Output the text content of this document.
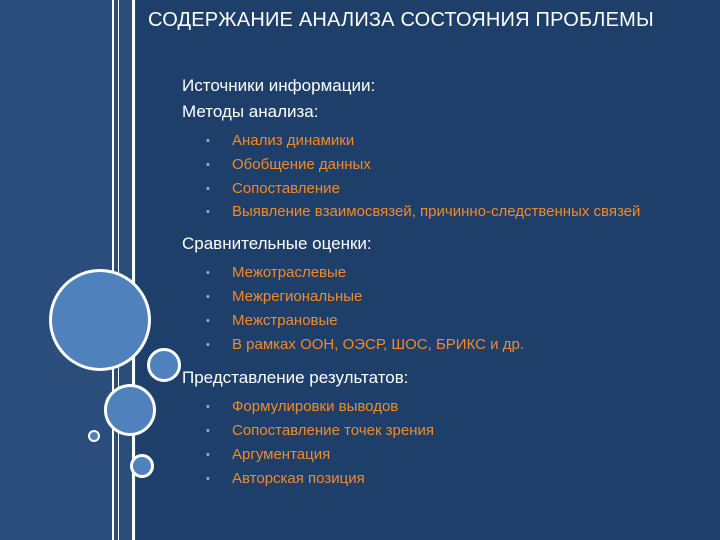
СОДЕРЖАНИЕ АНАЛИЗА СОСТОЯНИЯ ПРОБЛЕМЫ
Источники информации:
Методы анализа:
• Анализ динамики
• Обобщение данных
• Сопоставление
• Выявление взаимосвязей, причинно-следственных связей
Сравнительные оценки:
• Межотраслевые
• Межрегиональные
• Межстрановые
• В рамках ООН, ОЭСР, ШОС, БРИКС и др.
Представление результатов:
• Формулировки выводов
• Сопоставление точек зрения
• Аргументация
• Авторская позиция
